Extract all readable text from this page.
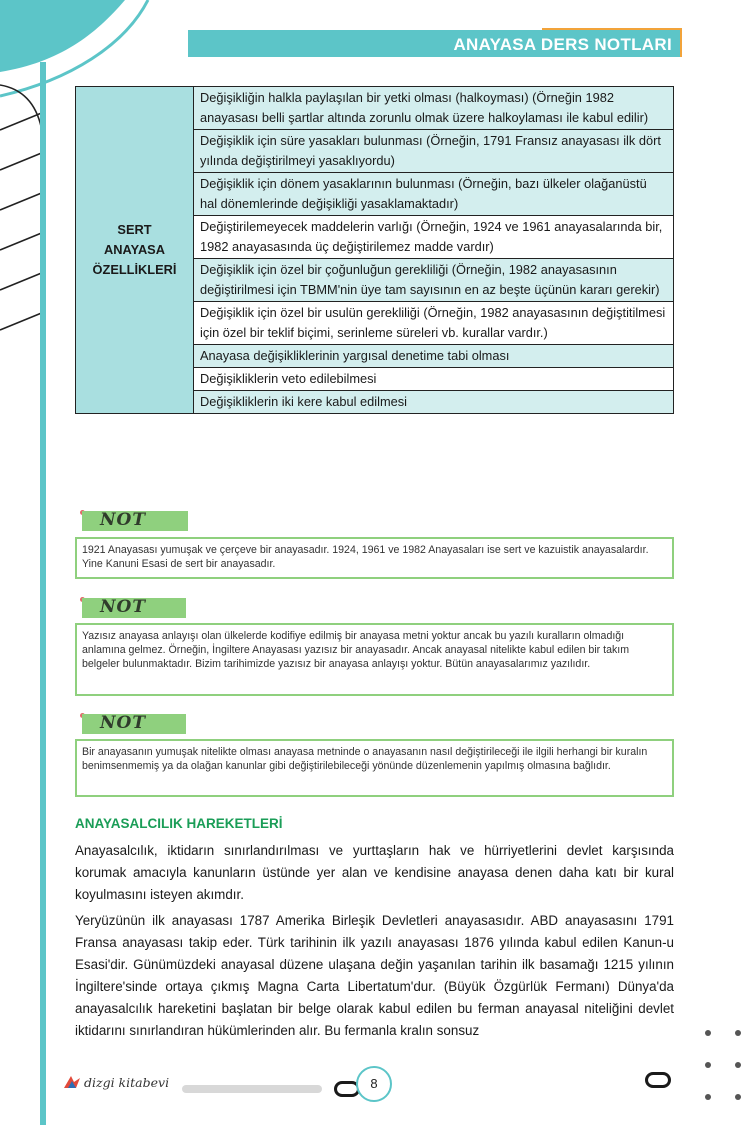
ANAYASA DERS NOTLARI
SERT
ANAYASA
ÖZELLİKLERİ
	Değişikliğin halkla paylaşılan bir yetki olması (halkoyması) (Örneğin 1982 anayasası belli şartlar altında zorunlu olmak üzere halkoylaması ile kabul edilir)
Değişiklik için süre yasakları bulunması (Örneğin, 1791 Fransız anayasası ilk dört yılında değiştirilmeyi yasaklıyordu)
Değişiklik için dönem yasaklarının bulunması (Örneğin, bazı ülkeler olağanüstü hal dönemlerinde değişikliği yasaklamaktadır)
Değiştirilemeyecek maddelerin varlığı (Örneğin, 1924 ve 1961 anayasalarında bir, 1982 anayasasında üç değiştirilemez madde vardır)
Değişiklik için özel bir çoğunluğun gerekliliği (Örneğin, 1982 anayasasının değiştirilmesi için TBMM'nin üye tam sayısının en az beşte üçünün kararı gerekir)
Değişiklik için özel bir usulün gerekliliği (Örneğin, 1982 anayasasının değiştitilmesi için özel bir teklif biçimi, serinleme süreleri vb. kurallar vardır.)
Anayasa değişikliklerinin yargısal denetime tabi olması
Değişikliklerin veto edilebilmesi
Değişikliklerin iki kere kabul edilmesi
NOT
1921 Anayasası yumuşak ve çerçeve bir anayasadır. 1924, 1961 ve 1982 Anayasaları ise sert ve kazuistik anayasalardır. Yine Kanuni Esasi de sert bir anayasadır.
NOT
Yazısız anayasa anlayışı olan ülkelerde kodifiye edilmiş bir anayasa metni yoktur ancak bu yazılı kuralların olmadığı anlamına gelmez. Örneğin, İngiltere Anayasası yazısız bir anayasadır. Ancak anayasal nitelikte kabul edilen bir takım belgeler bulunmaktadır. Bizim tarihimizde yazısız bir anayasa anlayışı yoktur. Bütün anayasalarımız yazılıdır.
NOT
Bir anayasanın yumuşak nitelikte olması anayasa metninde o anayasanın nasıl değiştirileceği ile ilgili herhangi bir kuralın benimsenmemiş ya da olağan kanunlar gibi değiştirilebileceği yönünde düzenlemenin yapılmış olmasına bağlıdır.
ANAYASALCILIK HAREKETLERİ
Anayasalcılık, iktidarın sınırlandırılması ve yurttaşların hak ve hürriyetlerini devlet karşısında korumak amacıyla kanunların üstünde yer alan ve kendisine anayasa denen daha katı bir kural koyulmasını isteyen akımdır.
Yeryüzünün ilk anayasası 1787 Amerika Birleşik Devletleri anayasasıdır. ABD anayasasını 1791 Fransa anayasası takip eder. Türk tarihinin ilk yazılı anayasası 1876 yılında kabul edilen Kanun-u Esasi'dir. Günümüzdeki anayasal düzene ulaşana değin yaşanılan tarihin ilk basamağı 1215 yılının İngiltere'sinde ortaya çıkmış Magna Carta Libertatum'dur. (Büyük Özgürlük Fermanı) Dünya'da anayasalcılık hareketini başlatan bir belge olarak kabul edilen bu ferman anayasal niteliğini devlet iktidarını sınırlandıran hükümlerinden alır. Bu fermanla kralın sonsuz
dizgi kitabevi	8
